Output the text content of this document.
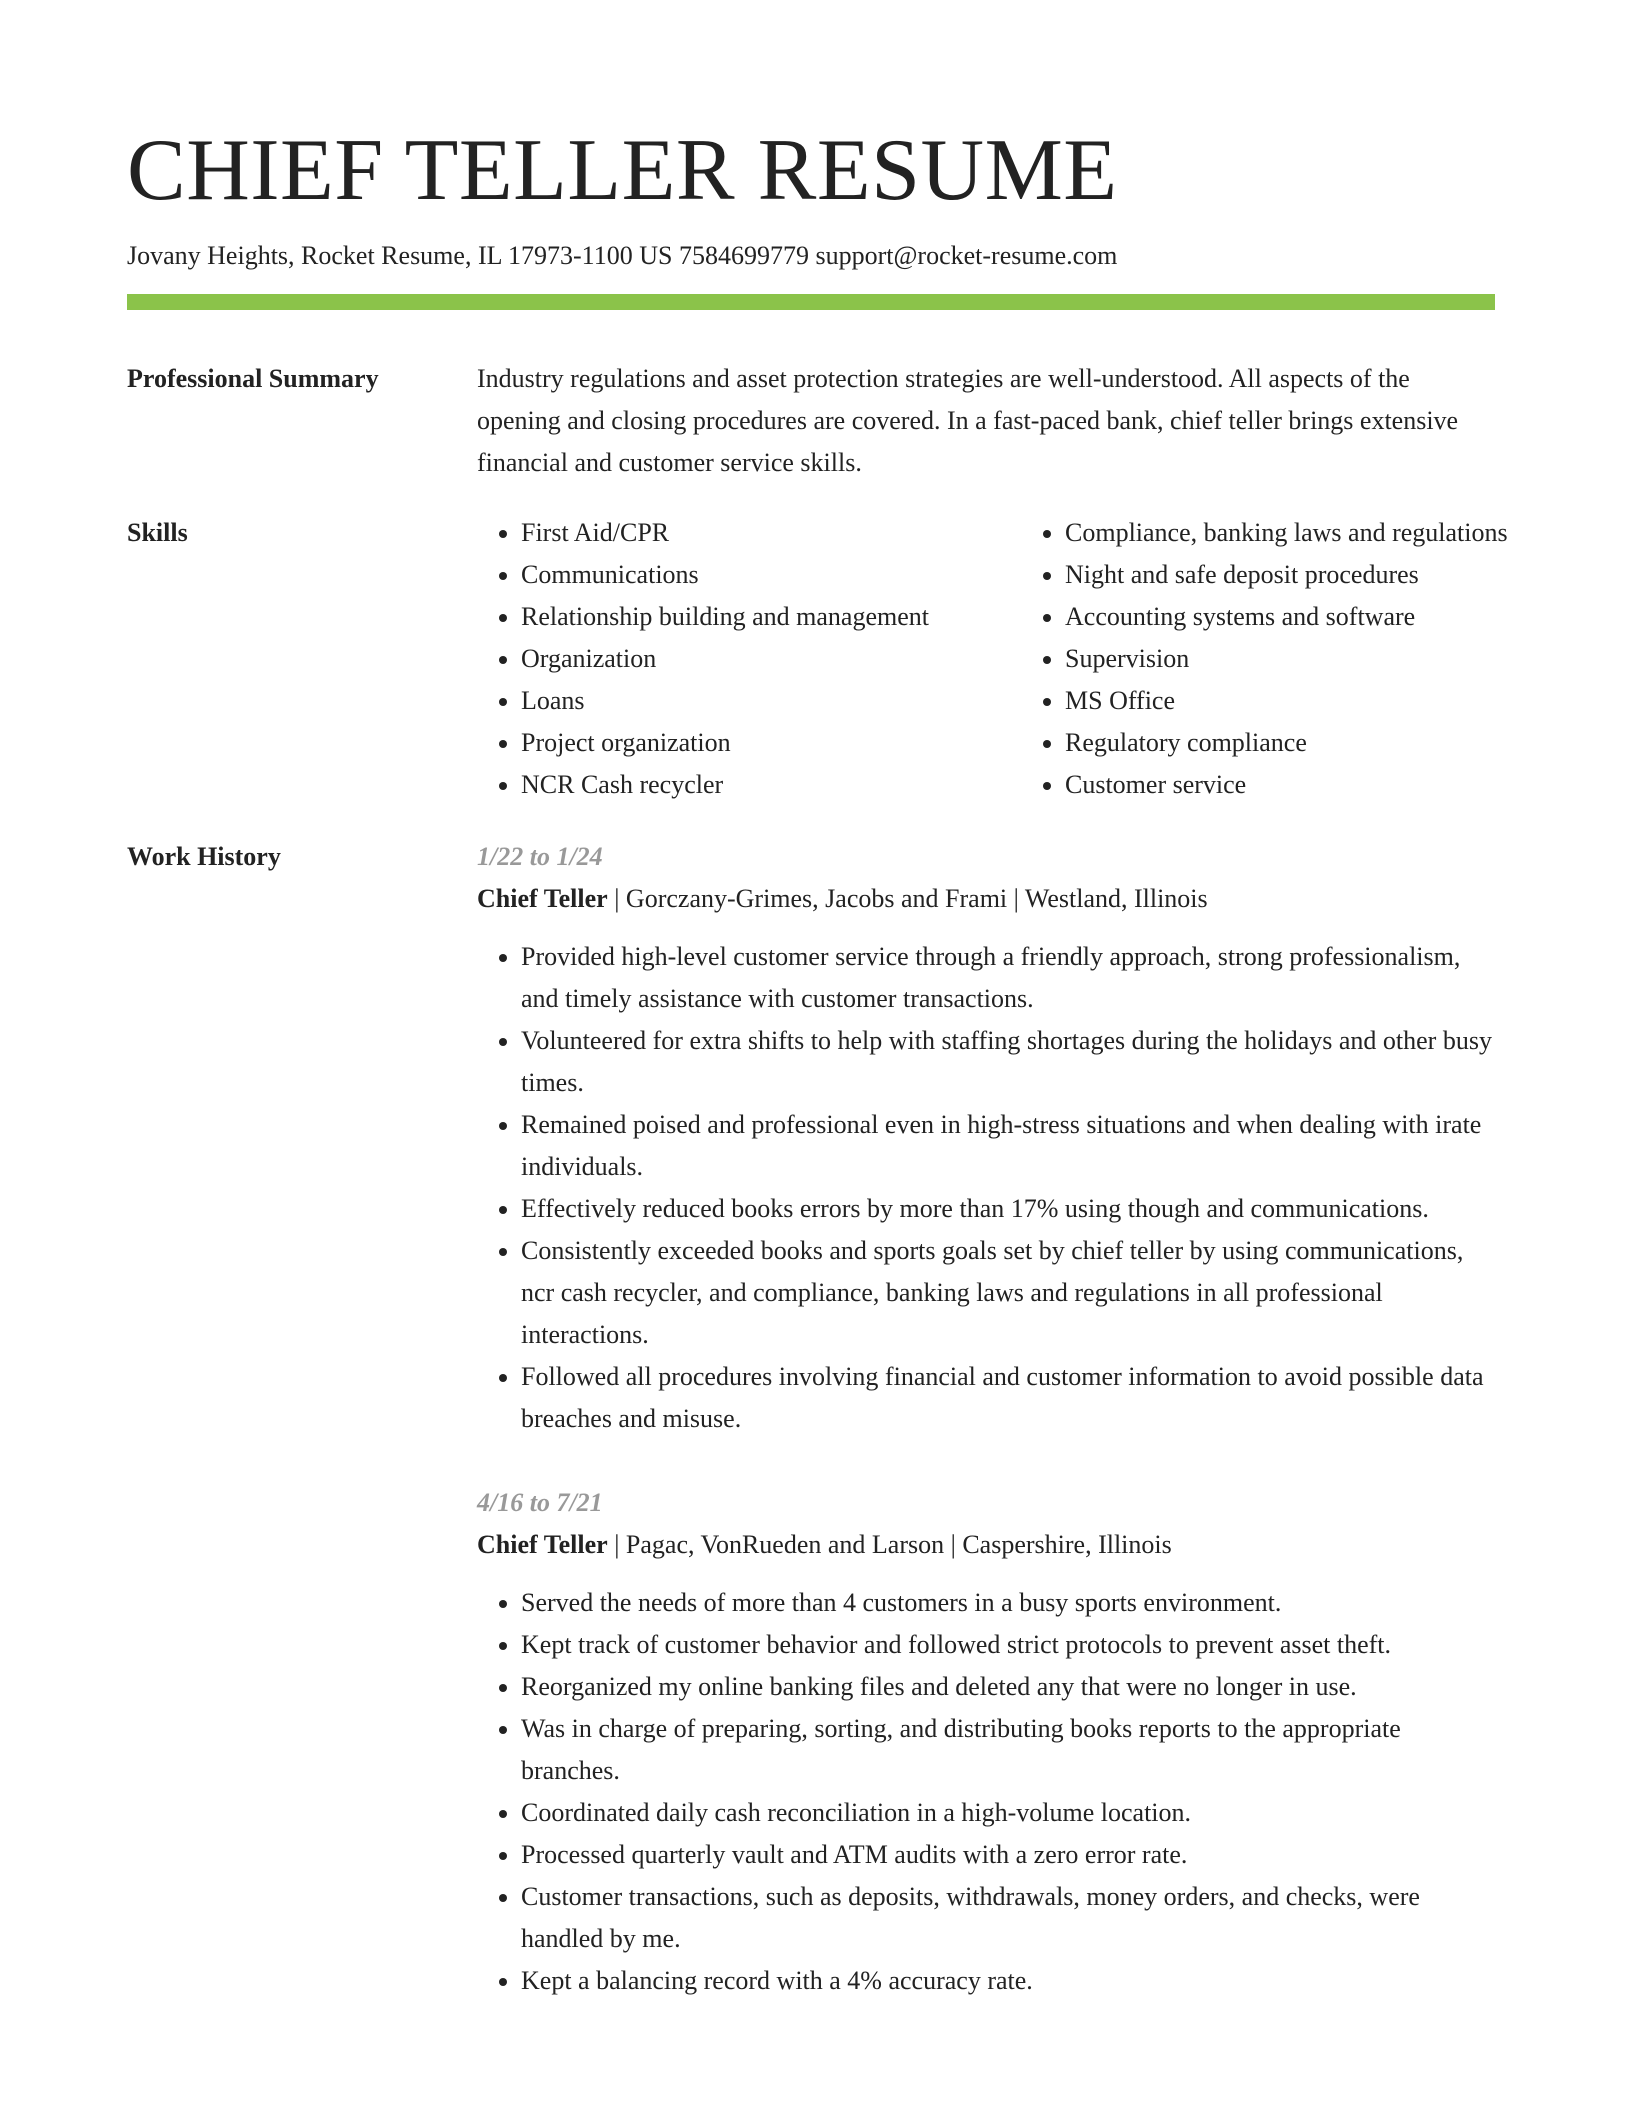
CHIEF TELLER RESUME
Jovany Heights, Rocket Resume, IL 17973-1100 US 7584699779 support@rocket-resume.com
Professional Summary	Industry regulations and asset protection strategies are well-understood. All aspects of the opening and closing procedures are covered. In a fast-paced bank, chief teller brings extensive financial and customer service skills.
Skills
•	First Aid/CPR
• Communications
• Relationship building and management
• Organization
• Loans
• Project organization
• NCR Cash recycler
• Compliance, banking laws and regulations
• Night and safe deposit procedures
• Accounting systems and software
• Supervision
• MS Office
• Regulatory compliance
• Customer service
Work History	1/22 to 1/24
Chief Teller | Gorczany-Grimes, Jacobs and Frami | Westland, Illinois
• Provided high-level customer service through a friendly approach, strong professionalism, and timely assistance with customer transactions.
• Volunteered for extra shifts to help with staffing shortages during the holidays and other busy times.
• Remained poised and professional even in high-stress situations and when dealing with irate individuals.
• Effectively reduced books errors by more than 17% using though and communications.
• Consistently exceeded books and sports goals set by chief teller by using communications, ncr cash recycler, and compliance, banking laws and regulations in all professional interactions.
• Followed all procedures involving financial and customer information to avoid possible data breaches and misuse.
4/16 to 7/21
Chief Teller | Pagac, VonRueden and Larson | Caspershire, Illinois
• Served the needs of more than 4 customers in a busy sports environment.
• Kept track of customer behavior and followed strict protocols to prevent asset theft.
• Reorganized my online banking files and deleted any that were no longer in use.
• Was in charge of preparing, sorting, and distributing books reports to the appropriate branches.
• Coordinated daily cash reconciliation in a high-volume location.
• Processed quarterly vault and ATM audits with a zero error rate.
• Customer transactions, such as deposits, withdrawals, money orders, and checks, were handled by me.
• Kept a balancing record with a 4% accuracy rate.
